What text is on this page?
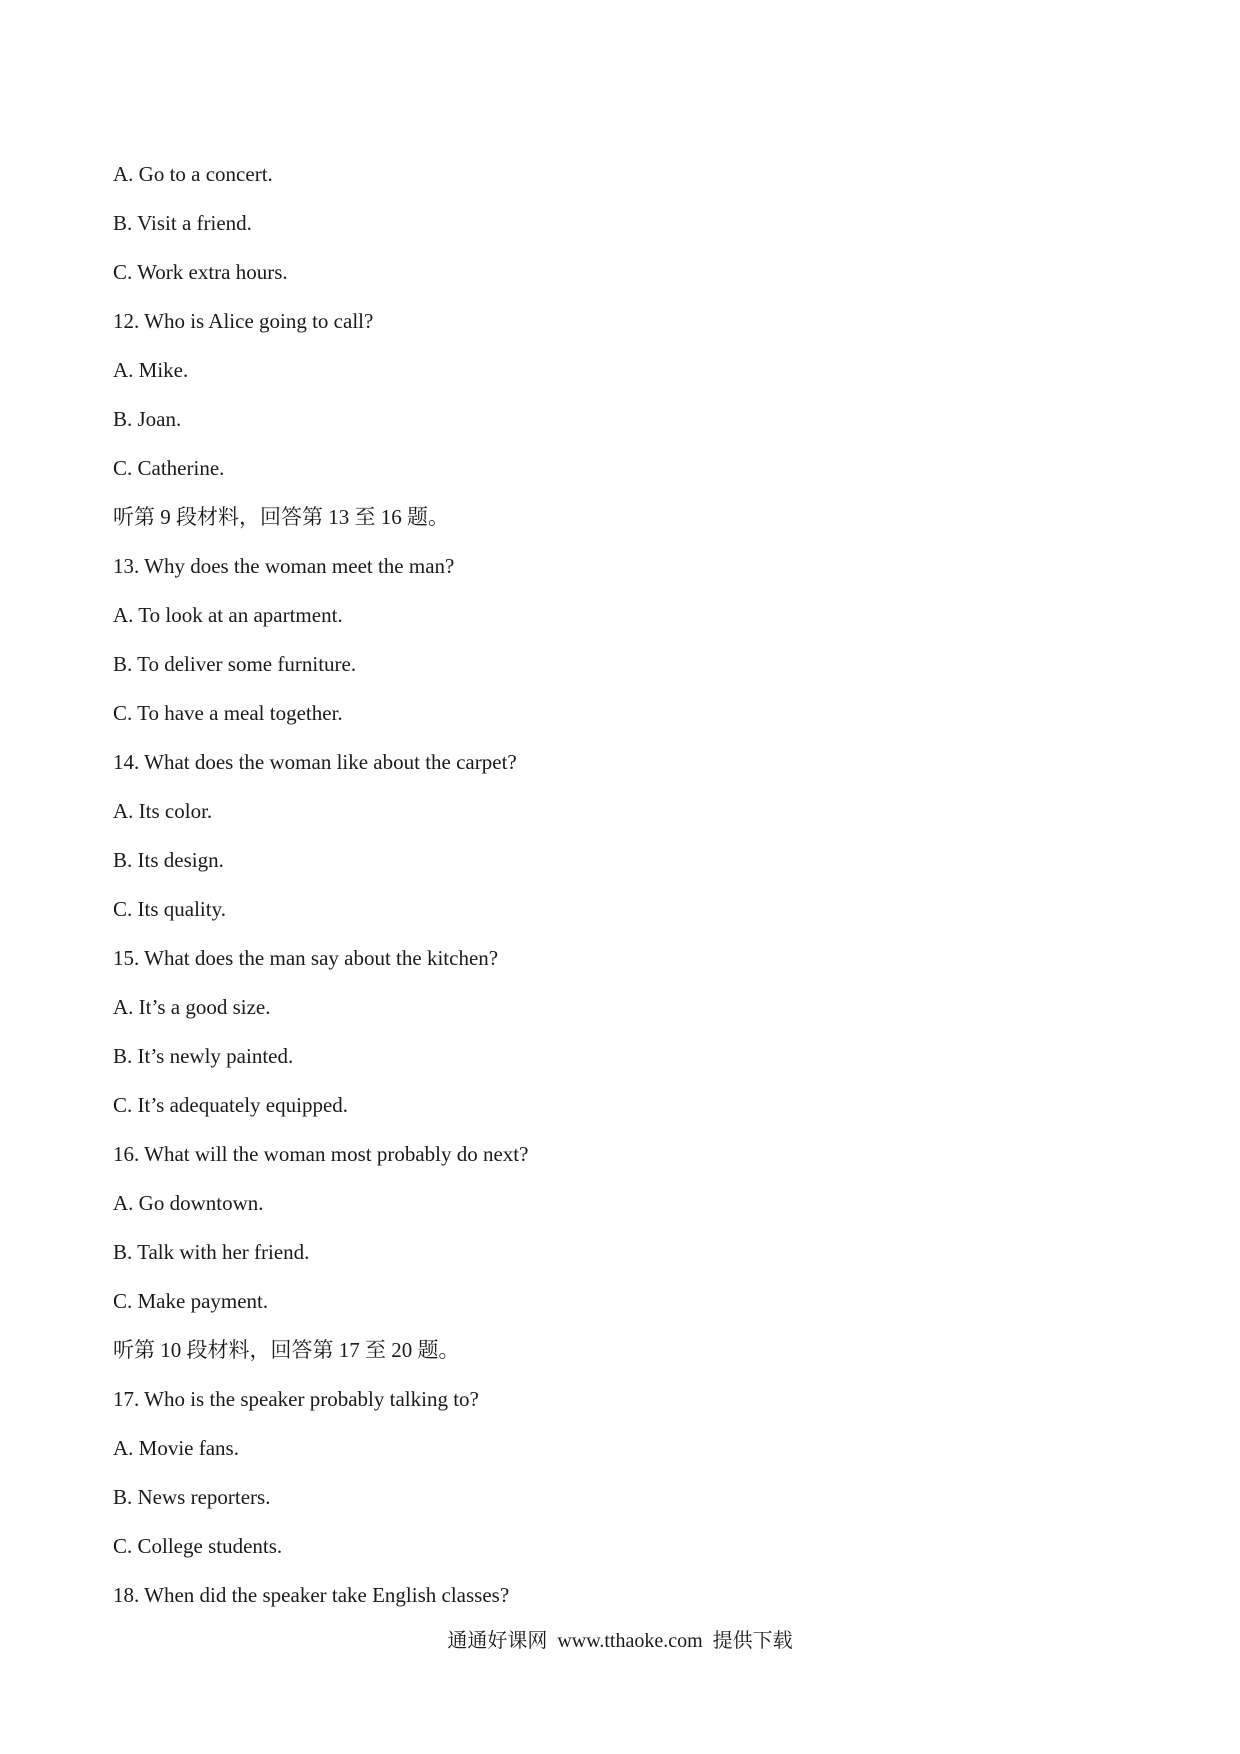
A. Go to a concert.
B. Visit a friend.
C. Work extra hours.
12. Who is Alice going to call?
A. Mike.
B. Joan.
C. Catherine.
听第 9 段材料，回答第 13 至 16 题。
13. Why does the woman meet the man?
A. To look at an apartment.
B. To deliver some furniture.
C. To have a meal together.
14. What does the woman like about the carpet?
A. Its color.
B. Its design.
C. Its quality.
15. What does the man say about the kitchen?
A. It’s a good size.
B. It’s newly painted.
C. It’s adequately equipped.
16. What will the woman most probably do next?
A. Go downtown.
B. Talk with her friend.
C. Make payment.
听第 10 段材料，回答第 17 至 20 题。
17. Who is the speaker probably talking to?
A. Movie fans.
B. News reporters.
C. College students.
18. When did the speaker take English classes?
通通好课网  www.tthaoke.com  提供下载
